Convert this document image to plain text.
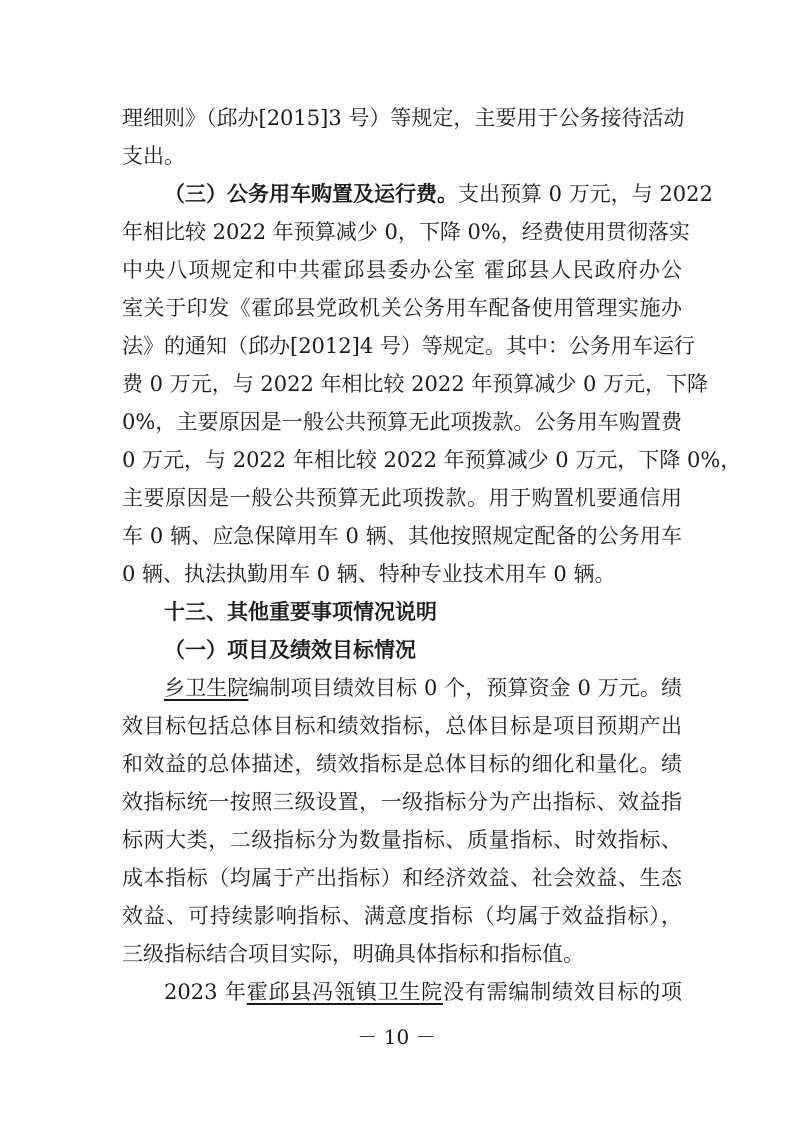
理细则》（邱办[2015]3 号）等规定，主要用于公务接待活动
支出。
（三）公务用车购置及运行费。支出预算 0 万元，与 2022
年相比较 2022 年预算减少 0，下降 0%，经费使用贯彻落实
中央八项规定和中共霍邱县委办公室 霍邱县人民政府办公
室关于印发《霍邱县党政机关公务用车配备使用管理实施办
法》的通知（邱办[2012]4 号）等规定。其中：公务用车运行
费 0 万元，与 2022 年相比较 2022 年预算减少 0 万元，下降
0%，主要原因是一般公共预算无此项拨款。公务用车购置费
0 万元，与 2022 年相比较 2022 年预算减少 0 万元，下降 0%，
主要原因是一般公共预算无此项拨款。用于购置机要通信用
车 0 辆、应急保障用车 0 辆、其他按照规定配备的公务用车
0 辆、执法执勤用车 0 辆、特种专业技术用车 0 辆。
十三、其他重要事项情况说明
（一）项目及绩效目标情况
乡卫生院编制项目绩效目标 0 个，预算资金 0 万元。绩
效目标包括总体目标和绩效指标，总体目标是项目预期产出
和效益的总体描述，绩效指标是总体目标的细化和量化。绩
效指标统一按照三级设置，一级指标分为产出指标、效益指
标两大类，二级指标分为数量指标、质量指标、时效指标、
成本指标（均属于产出指标）和经济效益、社会效益、生态
效益、可持续影响指标、满意度指标（均属于效益指标），
三级指标结合项目实际，明确具体指标和指标值。
2023 年霍邱县冯瓴镇卫生院没有需编制绩效目标的项
－ 10 －
